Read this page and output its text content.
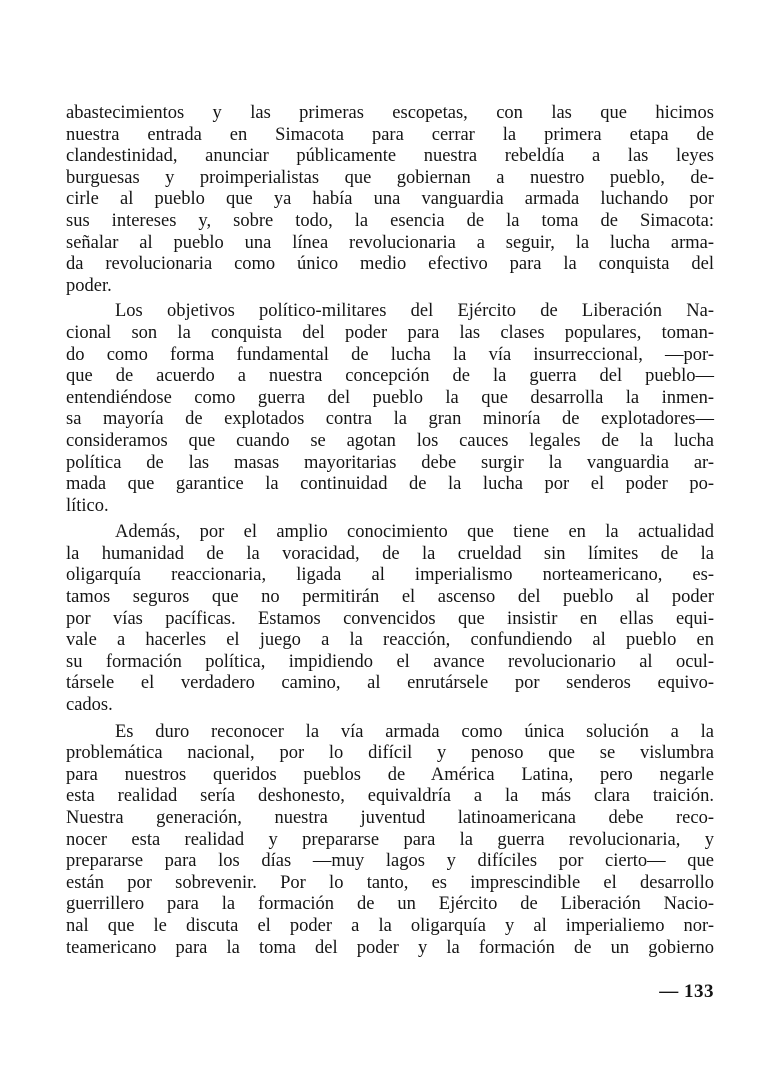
abastecimientos y las primeras escopetas, con las que hicimos
nuestra entrada en Simacota para cerrar la primera etapa de
clandestinidad, anunciar públicamente nuestra rebeldía a las leyes
burguesas y proimperialistas que gobiernan a nuestro pueblo, de-
cirle al pueblo que ya había una vanguardia armada luchando por
sus intereses y, sobre todo, la esencia de la toma de Simacota:
señalar al pueblo una línea revolucionaria a seguir, la lucha arma-
da revolucionaria como único medio efectivo para la conquista del
poder.
Los objetivos político-militares del Ejército de Liberación Na-
cional son la conquista del poder para las clases populares, toman-
do como forma fundamental de lucha la vía insurreccional, —por-
que de acuerdo a nuestra concepción de la guerra del pueblo—
entendiéndose como guerra del pueblo la que desarrolla la inmen-
sa mayoría de explotados contra la gran minoría de explotadores—
consideramos que cuando se agotan los cauces legales de la lucha
política de las masas mayoritarias debe surgir la vanguardia ar-
mada que garantice la continuidad de la lucha por el poder po-
lítico.
Además, por el amplio conocimiento que tiene en la actualidad
la humanidad de la voracidad, de la crueldad sin límites de la
oligarquía reaccionaria, ligada al imperialismo norteamericano, es-
tamos seguros que no permitirán el ascenso del pueblo al poder
por vías pacíficas. Estamos convencidos que insistir en ellas equi-
vale a hacerles el juego a la reacción, confundiendo al pueblo en
su formación política, impidiendo el avance revolucionario al ocul-
társele el verdadero camino, al enrutársele por senderos equivo-
cados.
Es duro reconocer la vía armada como única solución a la
problemática nacional, por lo difícil y penoso que se vislumbra
para nuestros queridos pueblos de América Latina, pero negarle
esta realidad sería deshonesto, equivaldría a la más clara traición.
Nuestra generación, nuestra juventud latinoamericana debe reco-
nocer esta realidad y prepararse para la guerra revolucionaria, y
prepararse para los días —muy lagos y difíciles por cierto— que
están por sobrevenir. Por lo tanto, es imprescindible el desarrollo
guerrillero para la formación de un Ejército de Liberación Nacio-
nal que le discuta el poder a la oligarquía y al imperialiemo nor-
teamericano para la toma del poder y la formación de un gobierno
— 133
